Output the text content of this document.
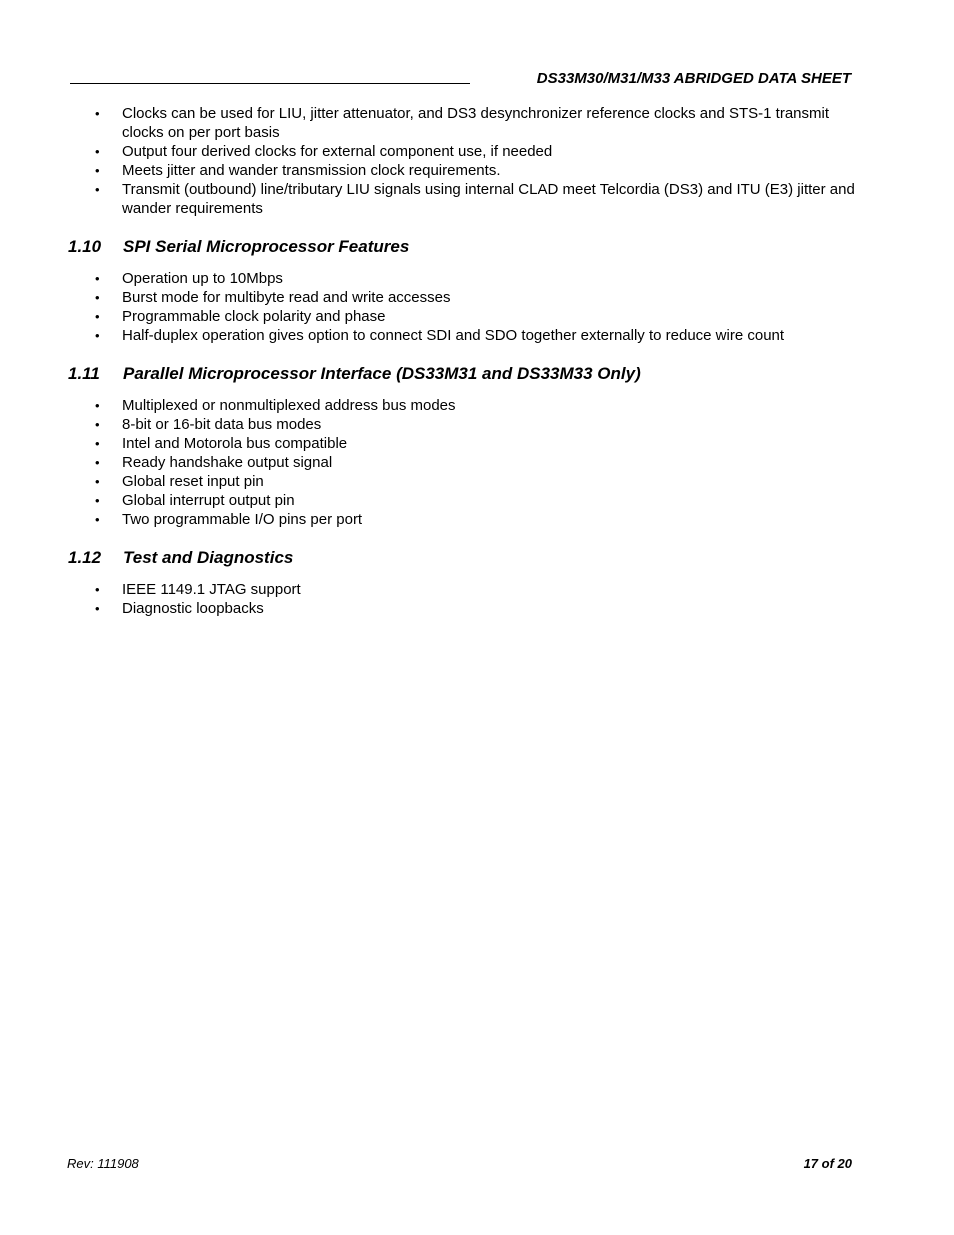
DS33M30/M31/M33 ABRIDGED DATA SHEET
• Clocks can be used for LIU, jitter attenuator, and DS3 desynchronizer reference clocks and STS-1 transmit clocks on per port basis
• Output four derived clocks for external component use, if needed
• Meets jitter and wander transmission clock requirements.
• Transmit (outbound) line/tributary LIU signals using internal CLAD meet Telcordia (DS3) and ITU (E3) jitter and wander requirements
1.10 SPI Serial Microprocessor Features
• Operation up to 10Mbps
• Burst mode for multibyte read and write accesses
• Programmable clock polarity and phase
• Half-duplex operation gives option to connect SDI and SDO together externally to reduce wire count
1.11 Parallel Microprocessor Interface (DS33M31 and DS33M33 Only)
• Multiplexed or nonmultiplexed address bus modes
• 8-bit or 16-bit data bus modes
• Intel and Motorola bus compatible
• Ready handshake output signal
• Global reset input pin
• Global interrupt output pin
• Two programmable I/O pins per port
1.12 Test and Diagnostics
• IEEE 1149.1 JTAG support
• Diagnostic loopbacks
Rev: 111908	17 of 20
